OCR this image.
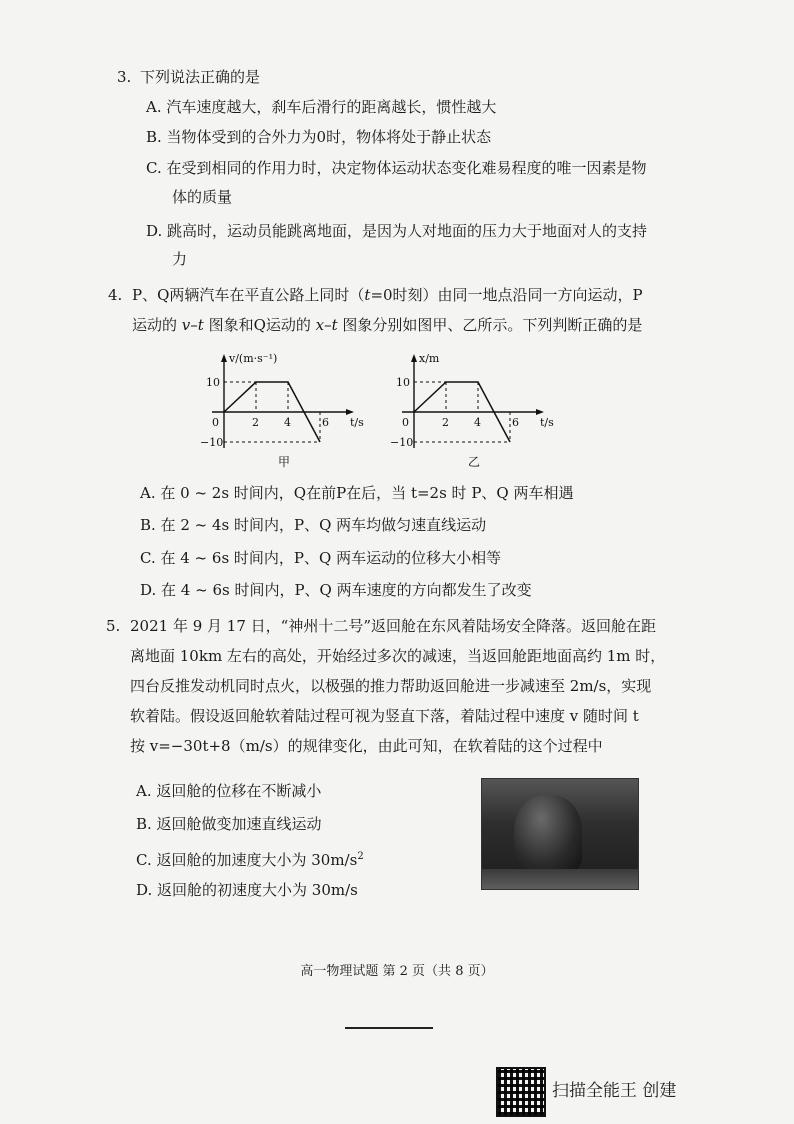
3. 下列说法正确的是
A. 汽车速度越大，刹车后滑行的距离越长，惯性越大
B. 当物体受到的合外力为0时，物体将处于静止状态
C. 在受到相同的作用力时，决定物体运动状态变化难易程度的唯一因素是物
体的质量
D. 跳高时，运动员能跳离地面，是因为人对地面的压力大于地面对人的支持
力
4. P、Q两辆汽车在平直公路上同时（t=0时刻）由同一地点沿同一方向运动，P
运动的 v–t 图象和Q运动的 x–t 图象分别如图甲、乙所示。下列判断正确的是
v/(m·s⁻¹)
10
−10
0	2 4	6 t/s
甲
x/m
10
−10
0	2 4	6 t/s
乙
A. 在 0 ~ 2s 时间内，Q在前P在后，当 t=2s 时 P、Q 两车相遇
B. 在 2 ~ 4s 时间内，P、Q 两车均做匀速直线运动
C. 在 4 ~ 6s 时间内，P、Q 两车运动的位移大小相等
D. 在 4 ~ 6s 时间内，P、Q 两车速度的方向都发生了改变
5. 2021 年 9 月 17 日，“神州十二号”返回舱在东风着陆场安全降落。返回舱在距
离地面 10km 左右的高处，开始经过多次的减速，当返回舱距地面高约 1m 时，
四台反推发动机同时点火，以极强的推力帮助返回舱进一步减速至 2m/s，实现
软着陆。假设返回舱软着陆过程可视为竖直下落，着陆过程中速度 v 随时间 t
按 v=−30t+8（m/s）的规律变化，由此可知，在软着陆的这个过程中
A. 返回舱的位移在不断减小
B. 返回舱做变加速直线运动
C. 返回舱的加速度大小为 $30m/s^2$
D. 返回舱的初速度大小为 30m/s
高一物理试题 第 2 页（共 8 页）
扫描全能王 创建
